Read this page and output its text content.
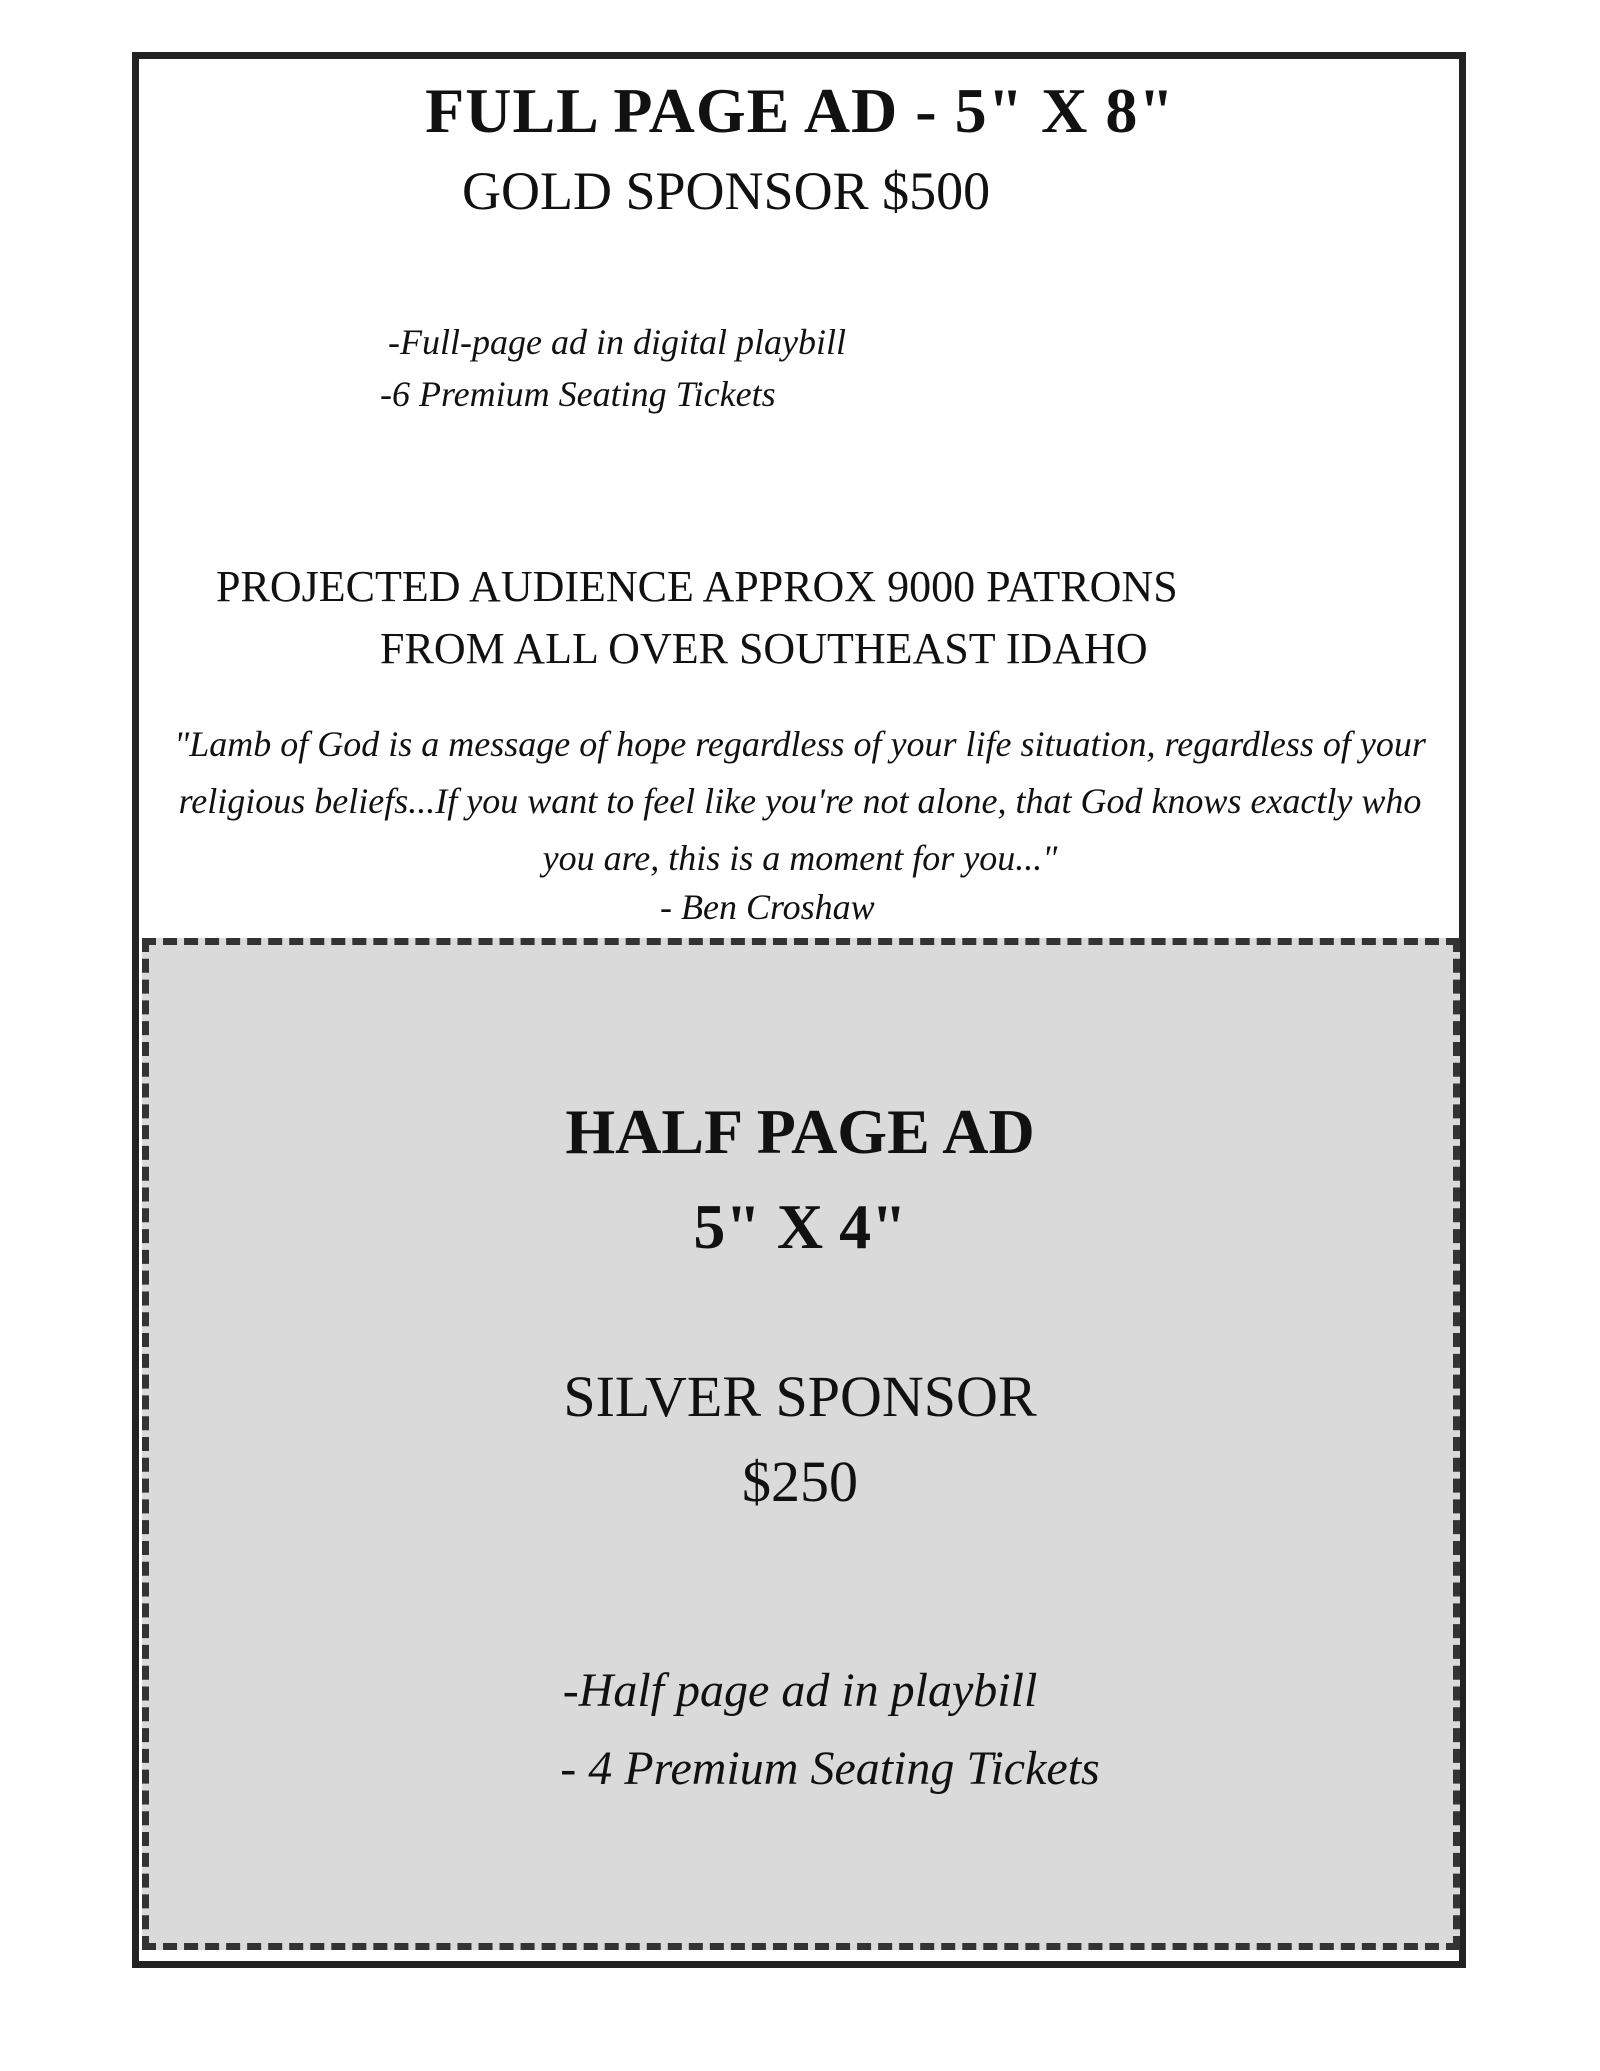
FULL PAGE AD - 5" X 8"

GOLD SPONSOR $500

-Full-page ad in digital playbill
-6 Premium Seating Tickets

PROJECTED AUDIENCE APPROX 9000 PATRONS
FROM ALL OVER SOUTHEAST IDAHO

"Lamb of God is a message of hope regardless of your life situation, regardless of your religious beliefs...If you want to feel like you're not alone, that God knows exactly who you are, this is a moment for you..."

- Ben Croshaw

HALF PAGE AD
5" X 4"

SILVER SPONSOR
$250

-Half page ad in playbill
- 4 Premium Seating Tickets
